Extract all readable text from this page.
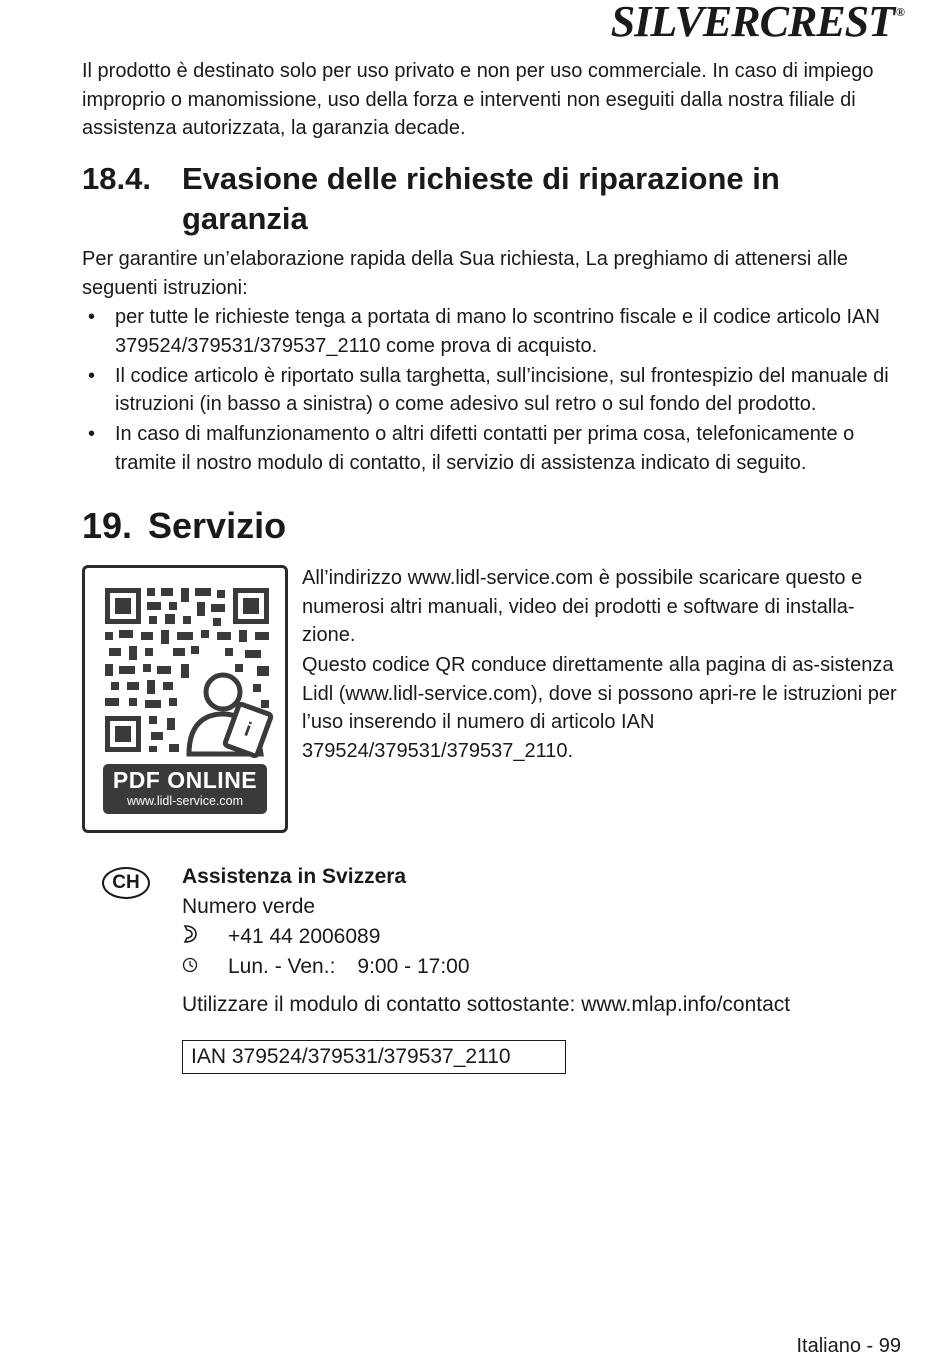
SILVERCREST ®

Il prodotto è destinato solo per uso privato e non per uso commerciale. In caso di impiego improprio o manomissione, uso della forza e interventi non eseguiti dalla nostra filiale di assistenza autorizzata, la garanzia decade.

18.4. Evasione delle richieste di riparazione in garanzia

Per garantire un’elaborazione rapida della Sua richiesta, La preghiamo di attenersi alle seguenti istruzioni:

• per tutte le richieste tenga a portata di mano lo scontrino fiscale e il codice articolo IAN 379524/379531/379537_2110 come prova di acquisto.
• Il codice articolo è riportato sulla targhetta, sull’incisione, sul frontespizio del manuale di istruzioni (in basso a sinistra) o come adesivo sul retro o sul fondo del prodotto.
• In caso di malfunzionamento o altri difetti contatti per prima cosa, telefonicamente o tramite il nostro modulo di contatto, il servizio di assistenza indicato di seguito.
19. Servizio
i
PDF ONLINE
www.lidl-service.com

All’indirizzo www.lidl-service.com è possibile scaricare questo e numerosi altri manuali, video dei prodotti e software di installa-zione.

Questo codice QR conduce direttamente alla pagina di as-sistenza Lidl (www.lidl-service.com), dove si possono apri-re le istruzioni per l’uso inserendo il numero di articolo IAN 379524/379531/379537_2110.

CH	Assistenza in Svizzera

Numero verde

+41 44 2006089

Lun. - Ven.: 9:00 - 17:00

Utilizzare il modulo di contatto sottostante: www.mlap.info/contact

IAN 379524/379531/379537_2110

Italiano - 99
